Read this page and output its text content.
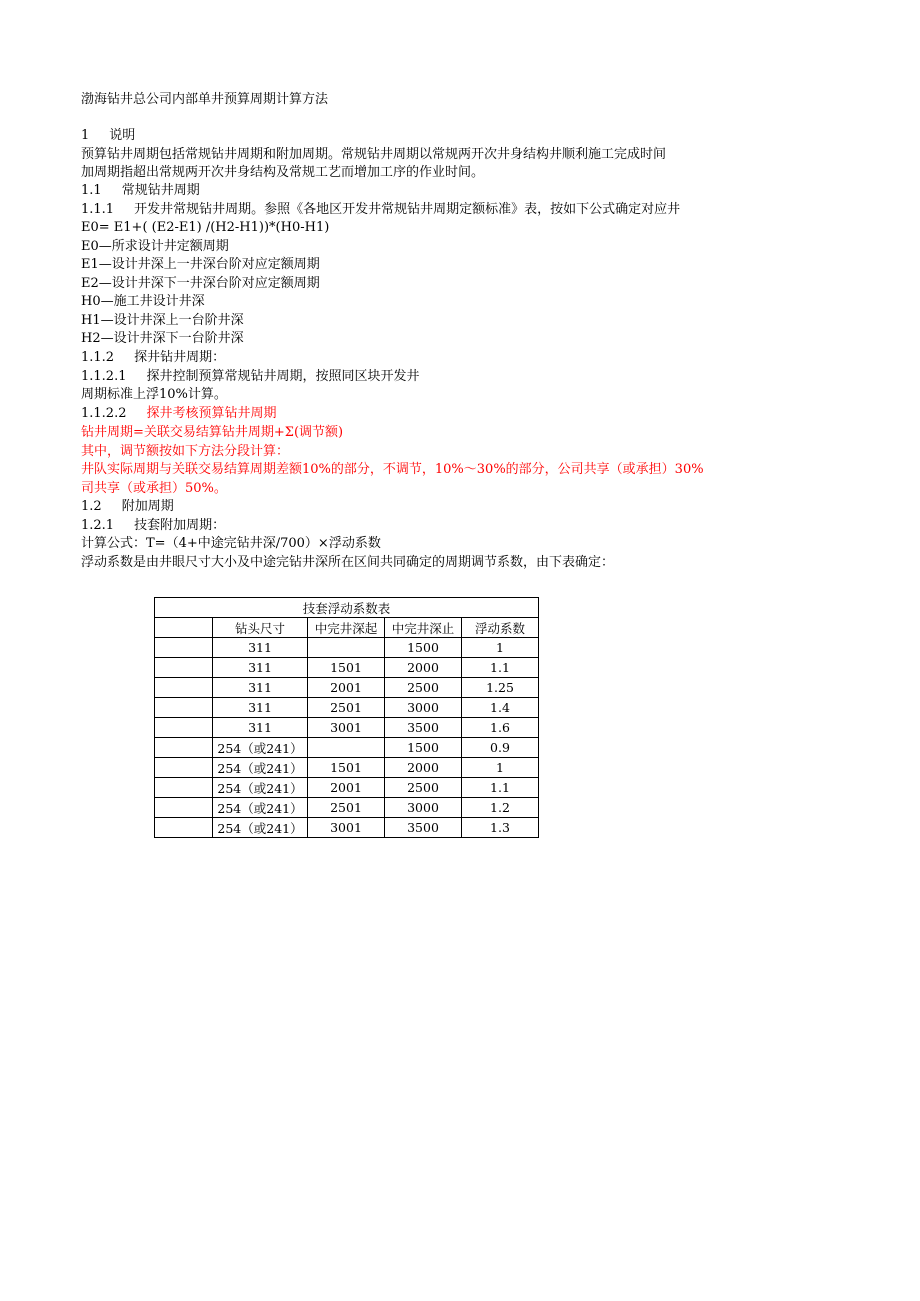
渤海钻井总公司内部单井预算周期计算方法
1 说明
预算钻井周期包括常规钻井周期和附加周期。常规钻井周期以常规两开次井身结构井顺利施工完成时间
加周期指超出常规两开次井身结构及常规工艺而增加工序的作业时间。
1.1 常规钻井周期
1.1.1 开发井常规钻井周期。参照《各地区开发井常规钻井周期定额标准》表，按如下公式确定对应井
E0= E1+( (E2-E1) /(H2-H1))*(H0-H1)
E0—所求设计井定额周期
E1—设计井深上一井深台阶对应定额周期
E2—设计井深下一井深台阶对应定额周期
H0—施工井设计井深
H1—设计井深上一台阶井深
H2—设计井深下一台阶井深
1.1.2 探井钻井周期：
1.1.2.1 探井控制预算常规钻井周期，按照同区块开发井
周期标准上浮10%计算。
1.1.2.2 探井考核预算钻井周期
钻井周期=关联交易结算钻井周期+Σ(调节额)
其中，调节额按如下方法分段计算：
井队实际周期与关联交易结算周期差额10%的部分，不调节，10%～30%的部分，公司共享（或承担）30%
司共享（或承担）50%。
1.2 附加周期
1.2.1 技套附加周期：
计算公式：T=（4+中途完钻井深/700）×浮动系数
浮动系数是由井眼尺寸大小及中途完钻井深所在区间共同确定的周期调节系数，由下表确定：
技套浮动系数表				
	钻头尺寸	中完井深起	中完井深止	浮动系数
	311		1500	1
	311	1501	2000	1.1
	311	2001	2500	1.25
	311	2501	3000	1.4
	311	3001	3500	1.6
	254（或241）		1500	0.9
	254（或241）	1501	2000	1
	254（或241）	2001	2500	1.1
	254（或241）	2501	3000	1.2
	254（或241）	3001	3500	1.3
